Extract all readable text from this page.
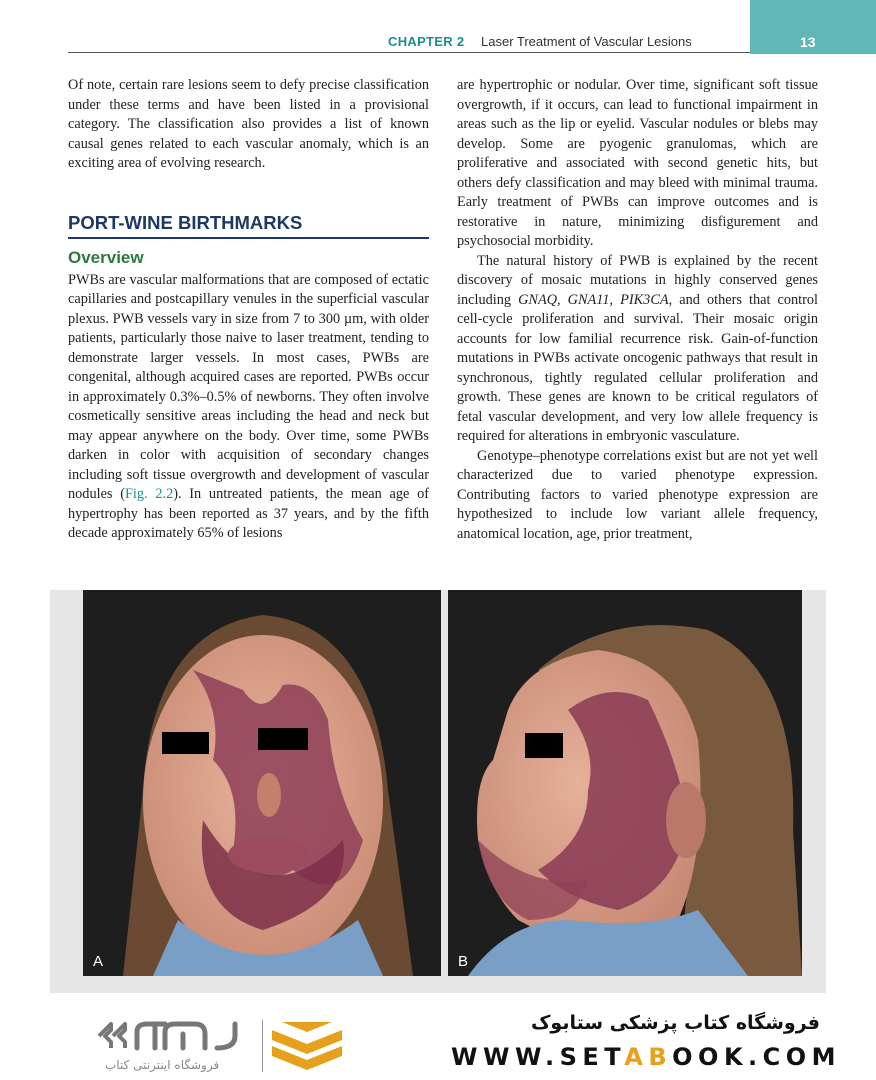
CHAPTER 2 Laser Treatment of Vascular Lesions	13

Of note, certain rare lesions seem to defy precise classification under these terms and have been listed in a provisional category. The classification also provides a list of known causal genes related to each vascular anomaly, which is an exciting area of evolving research.

PORT-WINE BIRTHMARKS
Overview

PWBs are vascular malformations that are composed of ectatic capillaries and postcapillary venules in the superficial vascular plexus. PWB vessels vary in size from 7 to 300 µm, with older patients, particularly those naive to laser treatment, tending to demonstrate larger vessels. In most cases, PWBs are congenital, although acquired cases are reported. PWBs occur in approximately 0.3%–0.5% of newborns. They often involve cosmetically sensitive areas including the head and neck but may appear anywhere on the body. Over time, some PWBs darken in color with acquisition of secondary changes including soft tissue overgrowth and development of vascular nodules (Fig. 2.2). In untreated patients, the mean age of hypertrophy has been reported as 37 years, and by the fifth decade approximately 65% of lesions

are hypertrophic or nodular. Over time, significant soft tissue overgrowth, if it occurs, can lead to functional impairment in areas such as the lip or eyelid. Vascular nodules or blebs may develop. Some are pyogenic granulomas, which are proliferative and associated with second genetic hits, but others defy classification and may bleed with minimal trauma. Early treatment of PWBs can improve outcomes and is restorative in nature, minimizing disfigurement and psychosocial morbidity.

The natural history of PWB is explained by the recent discovery of mosaic mutations in highly conserved genes including GNAQ, GNA11, PIK3CA, and others that control cell-cycle proliferation and survival. Their mosaic origin accounts for low familial recurrence risk. Gain-of-function mutations in PWBs activate oncogenic pathways that result in synchronous, tightly regulated cellular proliferation and growth. These genes are known to be critical regulators of fetal vascular development, and very low allele frequency is required for alterations in embryonic vasculature.

Genotype–phenotype correlations exist but are not yet well characterized due to varied phenotype expression. Contributing factors to varied phenotype expression are hypothesized to include low variant allele frequency, anatomical location, age, prior treatment,

A	B
فروشگاه اینترنتی کتاب
فروشگاه کتاب پزشکی ستابوک
WWW.SETABOOK.COM
